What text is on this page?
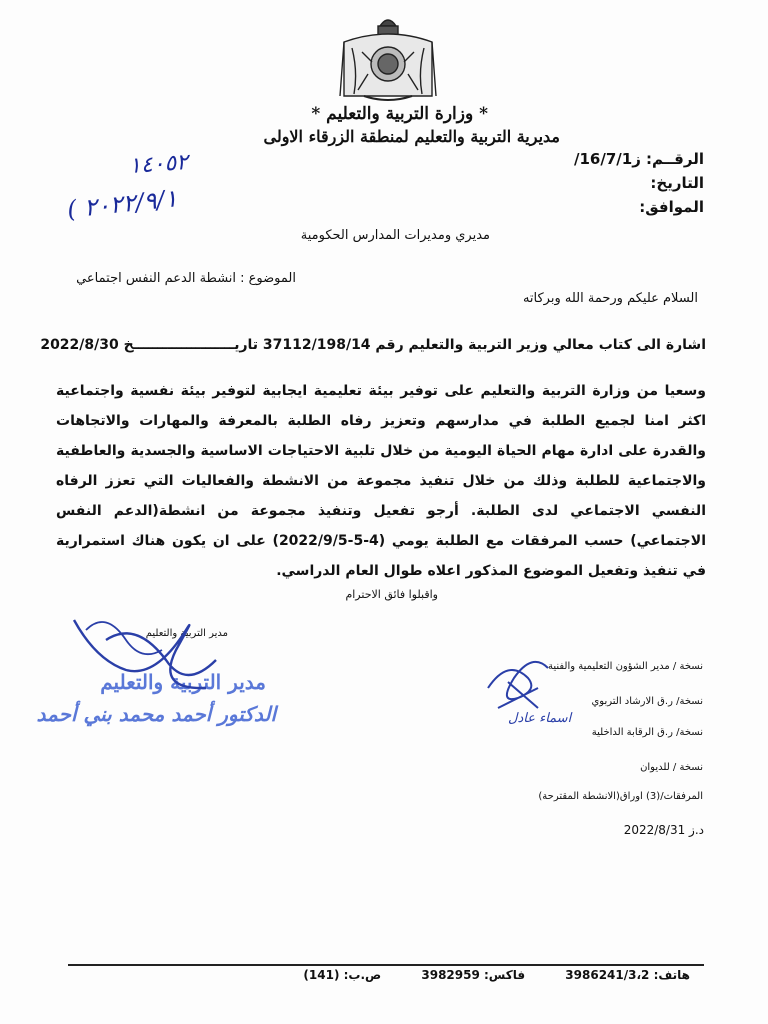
* وزارة التربية والتعليم *
مديرية التربية والتعليم لمنطقة الزرقاء الاولى
الرقــم: ز16/7/1/
١٤٠٥٢
التاريخ:
الموافق:
( ٢٠٢٢/٩/١
مديري ومديرات المدارس الحكومية
الموضوع : انشطة الدعم النفس اجتماعي
السلام عليكم ورحمة الله وبركاته
اشارة الى كتاب معالي وزير التربية والتعليم رقم 37112/198/14 تاريـــــــــــــــــــــخ 2022/8/30
وسعيا من وزارة التربية والتعليم على توفير بيئة تعليمية ايجابية لتوفير بيئة نفسية واجتماعية اكثر امنا لجميع الطلبة في مدارسهم وتعزيز رفاه الطلبة بالمعرفة والمهارات والاتجاهات والقدرة على ادارة مهام الحياة اليومية من خلال تلبية الاحتياجات الاساسية والجسدية والعاطفية والاجتماعية للطلبة وذلك من خلال تنفيذ مجموعة من الانشطة والفعاليات التي تعزز الرفاه النفسي الاجتماعي لدى الطلبة. أرجو تفعيل وتنفيذ مجموعة من انشطة(الدعم النفس الاجتماعي) حسب المرفقات مع الطلبة يومي (4-5-2022/9/5) على ان يكون هناك استمرارية في تنفيذ وتفعيل الموضوع المذكور اعلاه طوال العام الدراسي.
واقبلوا فائق الاحترام
مدير التربية والتعليم
مدير التربية والتعليم
الدكتور أحمد محمد بني أحمد	اسماء عادل
نسخة / مدير الشؤون التعليمية والفنية
نسخة/ ر.ق الارشاد التربوي
نسخة/ ر.ق الرقابة الداخلية
نسخة / للديوان
المرفقات/(3) اوراق(الانشطة المقترحة)
د.ز 2022/8/31
هاتف: 3986241/3،2 فاكس: 3982959 ص.ب: (141)
